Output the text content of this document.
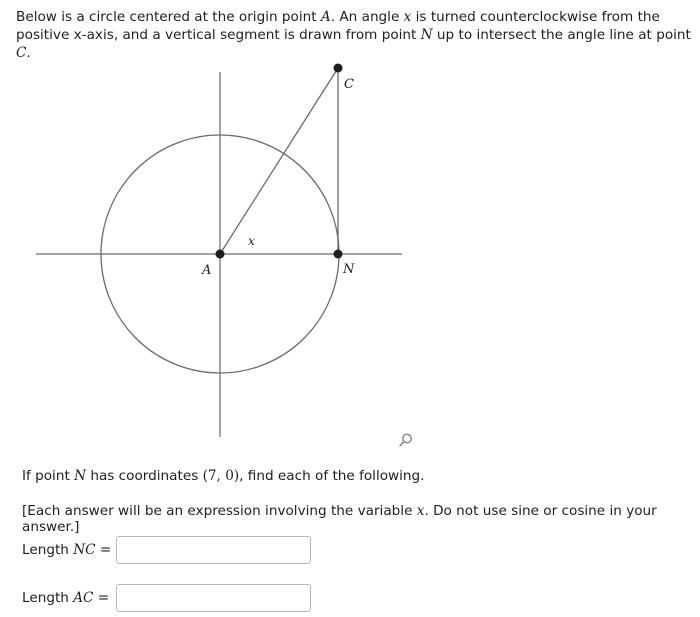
Below is a circle centered at the origin point A. An angle x is turned counterclockwise from the positive x-axis, and a vertical segment is drawn from point N up to intersect the angle line at point C.

A	N
C
x

If point N has coordinates (7, 0), find each of the following.

[Each answer will be an expression involving the variable x. Do not use sine or cosine in your answer.]

Length NC =
Length AC =
